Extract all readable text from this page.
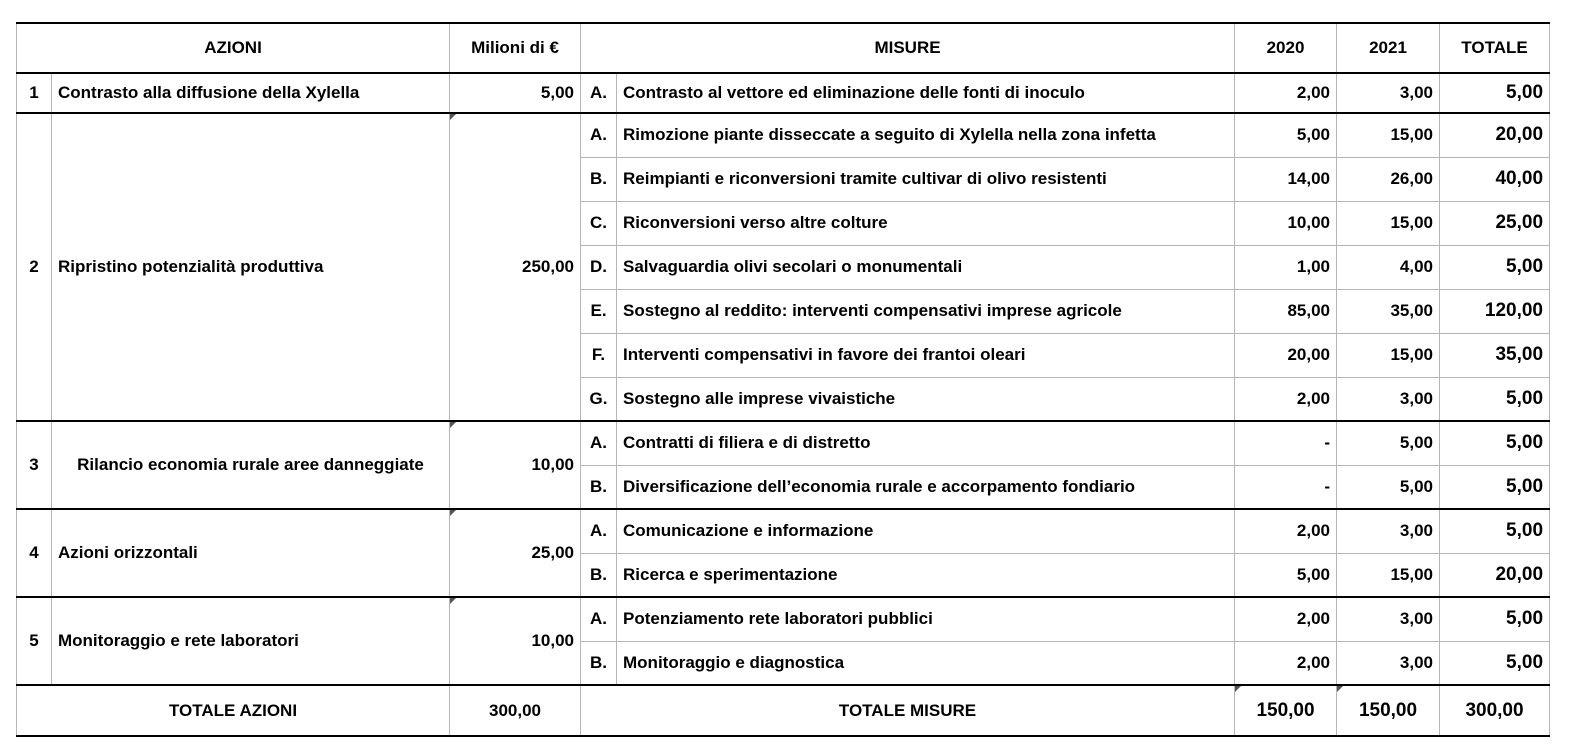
AZIONI		Milioni di €	MISURE		2020	2021	TOTALE
1	Contrasto alla diffusione della Xylella	5,00	A.	Contrasto al vettore ed eliminazione delle fonti di inoculo	2,00	3,00	5,00
2	Ripristino potenzialità produttiva	250,00	A.	Rimozione piante disseccate a seguito di Xylella nella zona infetta	5,00	15,00	20,00
			B.	Reimpianti e riconversioni tramite cultivar di olivo resistenti	14,00	26,00	40,00
			C.	Riconversioni verso altre colture	10,00	15,00	25,00
			D.	Salvaguardia olivi secolari o monumentali	1,00	4,00	5,00
			E.	Sostegno al reddito: interventi compensativi imprese agricole	85,00	35,00	120,00
			F.	Interventi compensativi in favore dei frantoi oleari	20,00	15,00	35,00
			G.	Sostegno alle imprese vivaistiche	2,00	3,00	5,00
3	Rilancio economia rurale aree danneggiate	10,00	A.	Contratti di filiera e di distretto	-	5,00	5,00
			B.	Diversificazione dell’economia rurale e accorpamento fondiario	-	5,00	5,00
4	Azioni orizzontali	25,00	A.	Comunicazione e informazione	2,00	3,00	5,00
			B.	Ricerca e sperimentazione	5,00	15,00	20,00
5	Monitoraggio e rete laboratori	10,00	A.	Potenziamento rete laboratori pubblici	2,00	3,00	5,00
			B.	Monitoraggio e diagnostica	2,00	3,00	5,00
TOTALE AZIONI		300,00	TOTALE MISURE		150,00	150,00	300,00
